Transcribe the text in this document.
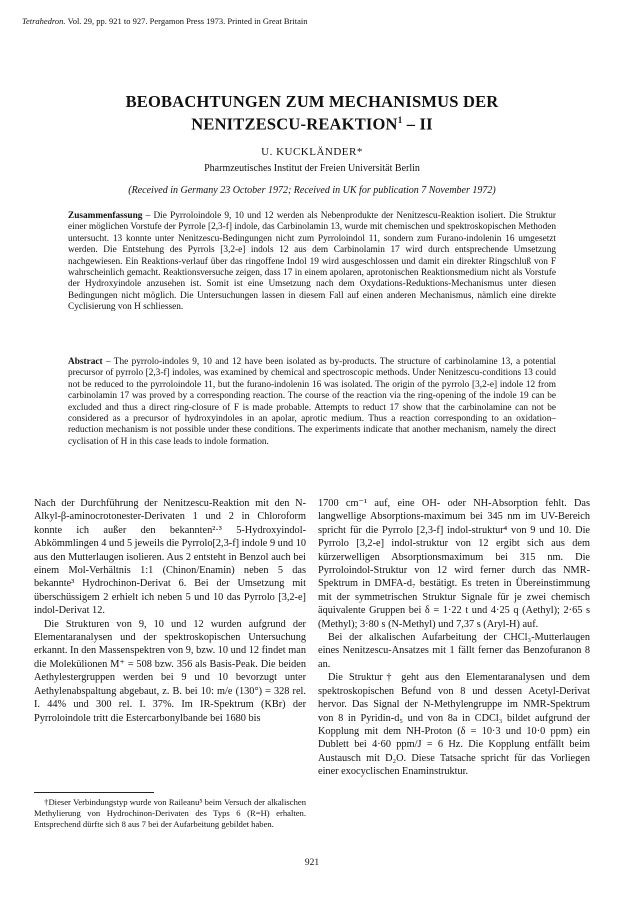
Tetrahedron. Vol. 29, pp. 921 to 927. Pergamon Press 1973. Printed in Great Britain
BEOBACHTUNGEN ZUM MECHANISMUS DER
NENITZESCU-REAKTION$^1$ – II
U. KUCKLÄNDER*
Pharmzeutisches Institut der Freien Universität Berlin
(Received in Germany 23 October 1972; Received in UK for publication 7 November 1972)
Zusammenfassung – Die Pyrroloindole 9, 10 und 12 werden als Nebenprodukte der Nenitzescu-Reaktion isoliert. Die Struktur einer möglichen Vorstufe der Pyrrole [2,3-f] indole, das Carbinolamin 13, wurde mit chemischen und spektroskopischen Methoden untersucht. 13 konnte unter Nenitzescu-Bedingungen nicht zum Pyrroloindol 11, sondern zum Furano-indolenin 16 umgesetzt werden. Die Entstehung des Pyrrols [3,2-e] indols 12 aus dem Carbinolamin 17 wird durch entsprechende Umsetzung nachgewiesen. Ein Reaktions-verlauf über das ringoffene Indol 19 wird ausgeschlossen und damit ein direkter Ringschluß von F wahrscheinlich gemacht. Reaktionsversuche zeigen, dass 17 in einem apolaren, aprotonischen Reaktionsmedium nicht als Vorstufe der Hydroxyindole anzusehen ist. Somit ist eine Umsetzung nach dem Oxydations-Reduktions-Mechanismus unter diesen Bedingungen nicht möglich. Die Untersuchungen lassen in diesem Fall auf einen anderen Mechanismus, nämlich eine direkte Cyclisierung von H schliessen.
Abstract – The pyrrolo-indoles 9, 10 and 12 have been isolated as by-products. The structure of carbinolamine 13, a potential precursor of pyrrolo [2,3-f] indoles, was examined by chemical and spectroscopic methods. Under Nenitzescu-conditions 13 could not be reduced to the pyrroloindole 11, but the furano-indolenin 16 was isolated. The origin of the pyrrolo [3,2-e] indole 12 from carbinolamin 17 was proved by a corresponding reaction. The course of the reaction via the ring-opening of the indole 19 can be excluded and thus a direct ring-closure of F is made probable. Attempts to reduct 17 show that the carbinolamine can not be considered as a precursor of hydroxyindoles in an apolar, aprotic medium. Thus a reaction corresponding to an oxidation–reduction mechanism is not possible under these conditions. The experiments indicate that another mechanism, namely the direct cyclisation of H in this case leads to indole formation.

Nach der Durchführung der Nenitzescu-Reaktion mit den N-Alkyl-β-aminocrotonester-Derivaten 1 und 2 in Chloroform konnte ich außer den bekannten²·³ 5-Hydroxyindol-Abkömmlingen 4 und 5 jeweils die Pyrrolo[2,3-f] indole 9 und 10 aus den Mutterlaugen isolieren. Aus 2 entsteht in Benzol auch bei einem Mol-Verhältnis 1:1 (Chinon/Enamin) neben 5 das bekannte³ Hydrochinon-Derivat 6. Bei der Umsetzung mit überschüssigem 2 erhielt ich neben 5 und 10 das Pyrrolo [3,2-e] indol-Derivat 12.

Die Strukturen von 9, 10 und 12 wurden aufgrund der Elementaranalysen und der spektroskopischen Untersuchung erkannt. In den Massenspektren von 9, bzw. 10 und 12 findet man die Molekülionen M⁺ = 508 bzw. 356 als Basis-Peak. Die beiden Aethylestergruppen werden bei 9 und 10 bevorzugt unter Aethylenabspaltung abgebaut, z. B. bei 10: m/e (130°) = 328 rel. I. 44% und 300 rel. I. 37%. Im IR-Spektrum (KBr) der Pyrroloindole tritt die Estercarbonylbande bei 1680 bis

1700 cm⁻¹ auf, eine OH- oder NH-Absorption fehlt. Das langwellige Absorptions-maximum bei 345 nm im UV-Bereich spricht für die Pyrrolo [2,3-f] indol-struktur⁴ von 9 und 10. Die Pyrrolo [3,2-e] indol-struktur von 12 ergibt sich aus dem kürzerwelligen Absorptionsmaximum bei 315 nm. Die Pyrroloindol-Struktur von 12 wird ferner durch das NMR-Spektrum in DMFA-d₇ bestätigt. Es treten in Übereinstimmung mit der symmetrischen Struktur Signale für je zwei chemisch äquivalente Gruppen bei δ = 1·22 t und 4·25 q (Aethyl); 2·65 s (Methyl); 3·80 s (N-Methyl) und 7,37 s (Aryl-H) auf.

Bei der alkalischen Aufarbeitung der CHCl₃-Mutterlaugen eines Nenitzescu-Ansatzes mit 1 fällt ferner das Benzofuranon 8 an.

Die Struktur† geht aus den Elementaranalysen und dem spektroskopischen Befund von 8 und dessen Acetyl-Derivat hervor. Das Signal der N-Methylengruppe im NMR-Spektrum von 8 in Pyridin-d₅ und von 8a in CDCl₃ bildet aufgrund der Kopplung mit dem NH-Proton (δ = 10·3 und 10·0 ppm) ein Dublett bei 4·60 ppm/J = 6 Hz. Die Kopplung entfällt beim Austausch mit D₂O. Diese Tatsache spricht für das Vorliegen einer exocyclischen Enaminstruktur.

†Dieser Verbindungstyp wurde von Raileanu⁵ beim Versuch der alkalischen Methylierung von Hydrochinon-Derivaten des Typs 6 (R=H) erhalten. Entsprechend dürfte sich 8 aus 7 bei der Aufarbeitung gebildet haben.
921
